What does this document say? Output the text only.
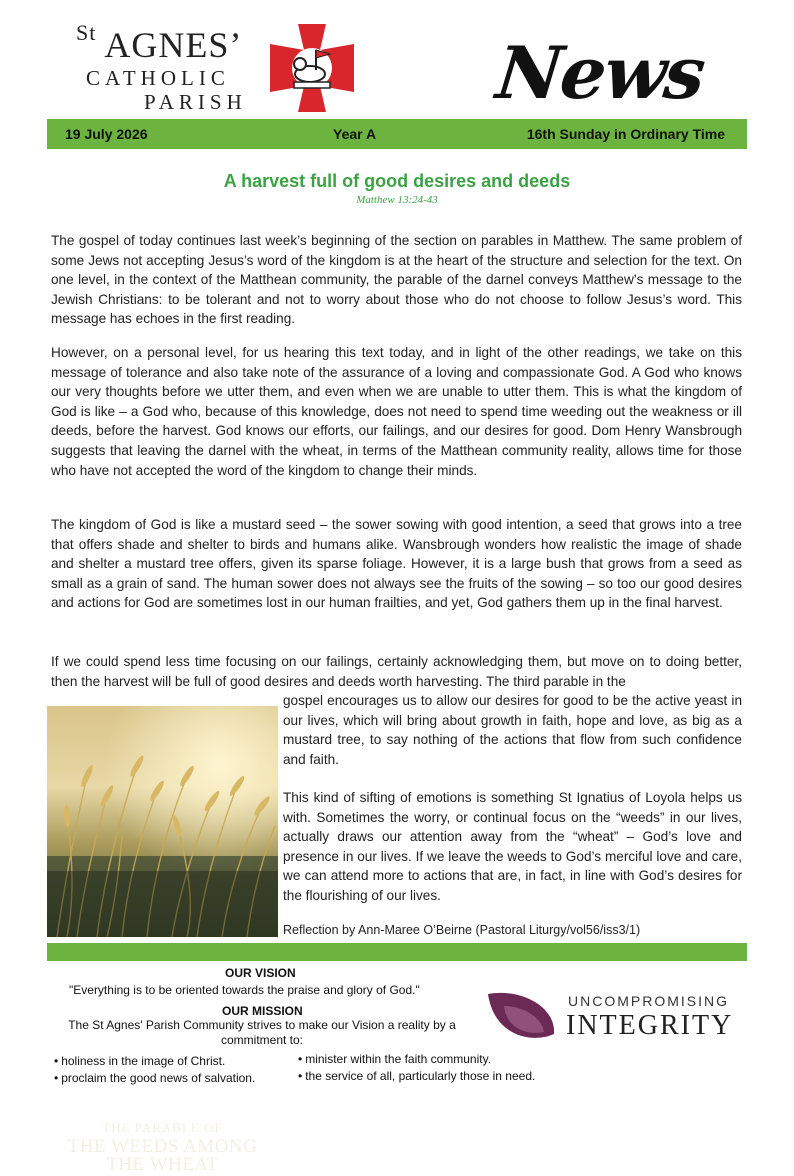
$^{St}$ AGNES’
CATHOLIC
PARISH	News
19 July 2026	Year A	16th Sunday in Ordinary Time
A harvest full of good desires and deeds
Matthew 13:24-43

The gospel of today continues last week’s beginning of the section on parables in Matthew. The same problem of some Jews not accepting Jesus’s word of the kingdom is at the heart of the structure and selection for the text. On one level, in the context of the Matthean community, the parable of the darnel conveys Matthew’s message to the Jewish Christians: to be tolerant and not to worry about those who do not choose to follow Jesus’s word. This message has echoes in the first reading.

However, on a personal level, for us hearing this text today, and in light of the other readings, we take on this message of tolerance and also take note of the assurance of a loving and compassionate God. A God who knows our very thoughts before we utter them, and even when we are unable to utter them. This is what the kingdom of God is like – a God who, because of this knowledge, does not need to spend time weeding out the weakness or ill deeds, before the harvest. God knows our efforts, our failings, and our desires for good. Dom Henry Wansbrough suggests that leaving the darnel with the wheat, in terms of the Matthean community reality, allows time for those who have not accepted the word of the kingdom to change their minds.

The kingdom of God is like a mustard seed – the sower sowing with good intention, a seed that grows into a tree that offers shade and shelter to birds and humans alike. Wansbrough wonders how realistic the image of shade and shelter a mustard tree offers, given its sparse foliage. However, it is a large bush that grows from a seed as small as a grain of sand. The human sower does not always see the fruits of the sowing – so too our good desires and actions for God are sometimes lost in our human frailties, and yet, God gathers them up in the final harvest.

If we could spend less time focusing on our failings, certainly acknowledging them, but move on to doing better, then the harvest will be full of good desires and deeds worth harvesting. The third parable in the

THE PARABLE OF
THE WEEDS AMONG
THE WHEAT

gospel encourages us to allow our desires for good to be the active yeast in our lives, which will bring about growth in faith, hope and love, as big as a mustard tree, to say nothing of the actions that flow from such confidence and faith.

This kind of sifting of emotions is something St Ignatius of Loyola helps us with. Sometimes the worry, or continual focus on the “weeds” in our lives, actually draws our attention away from the “wheat” – God’s love and presence in our lives. If we leave the weeds to God’s merciful love and care, we can attend more to actions that are, in fact, in line with God’s desires for the flourishing of our lives.

Reflection by Ann-Maree O’Beirne (Pastoral Liturgy/vol56/iss3/1)
OUR VISION
"Everything is to be oriented towards the praise and glory of God."
OUR MISSION
The St Agnes' Parish Community strives to make our Vision a reality by a commitment to:
• holiness in the image of Christ.
• proclaim the good news of salvation.
• minister within the faith community.
• the service of all, particularly those in need.
UNCOMPROMISING
INTEGRITY
